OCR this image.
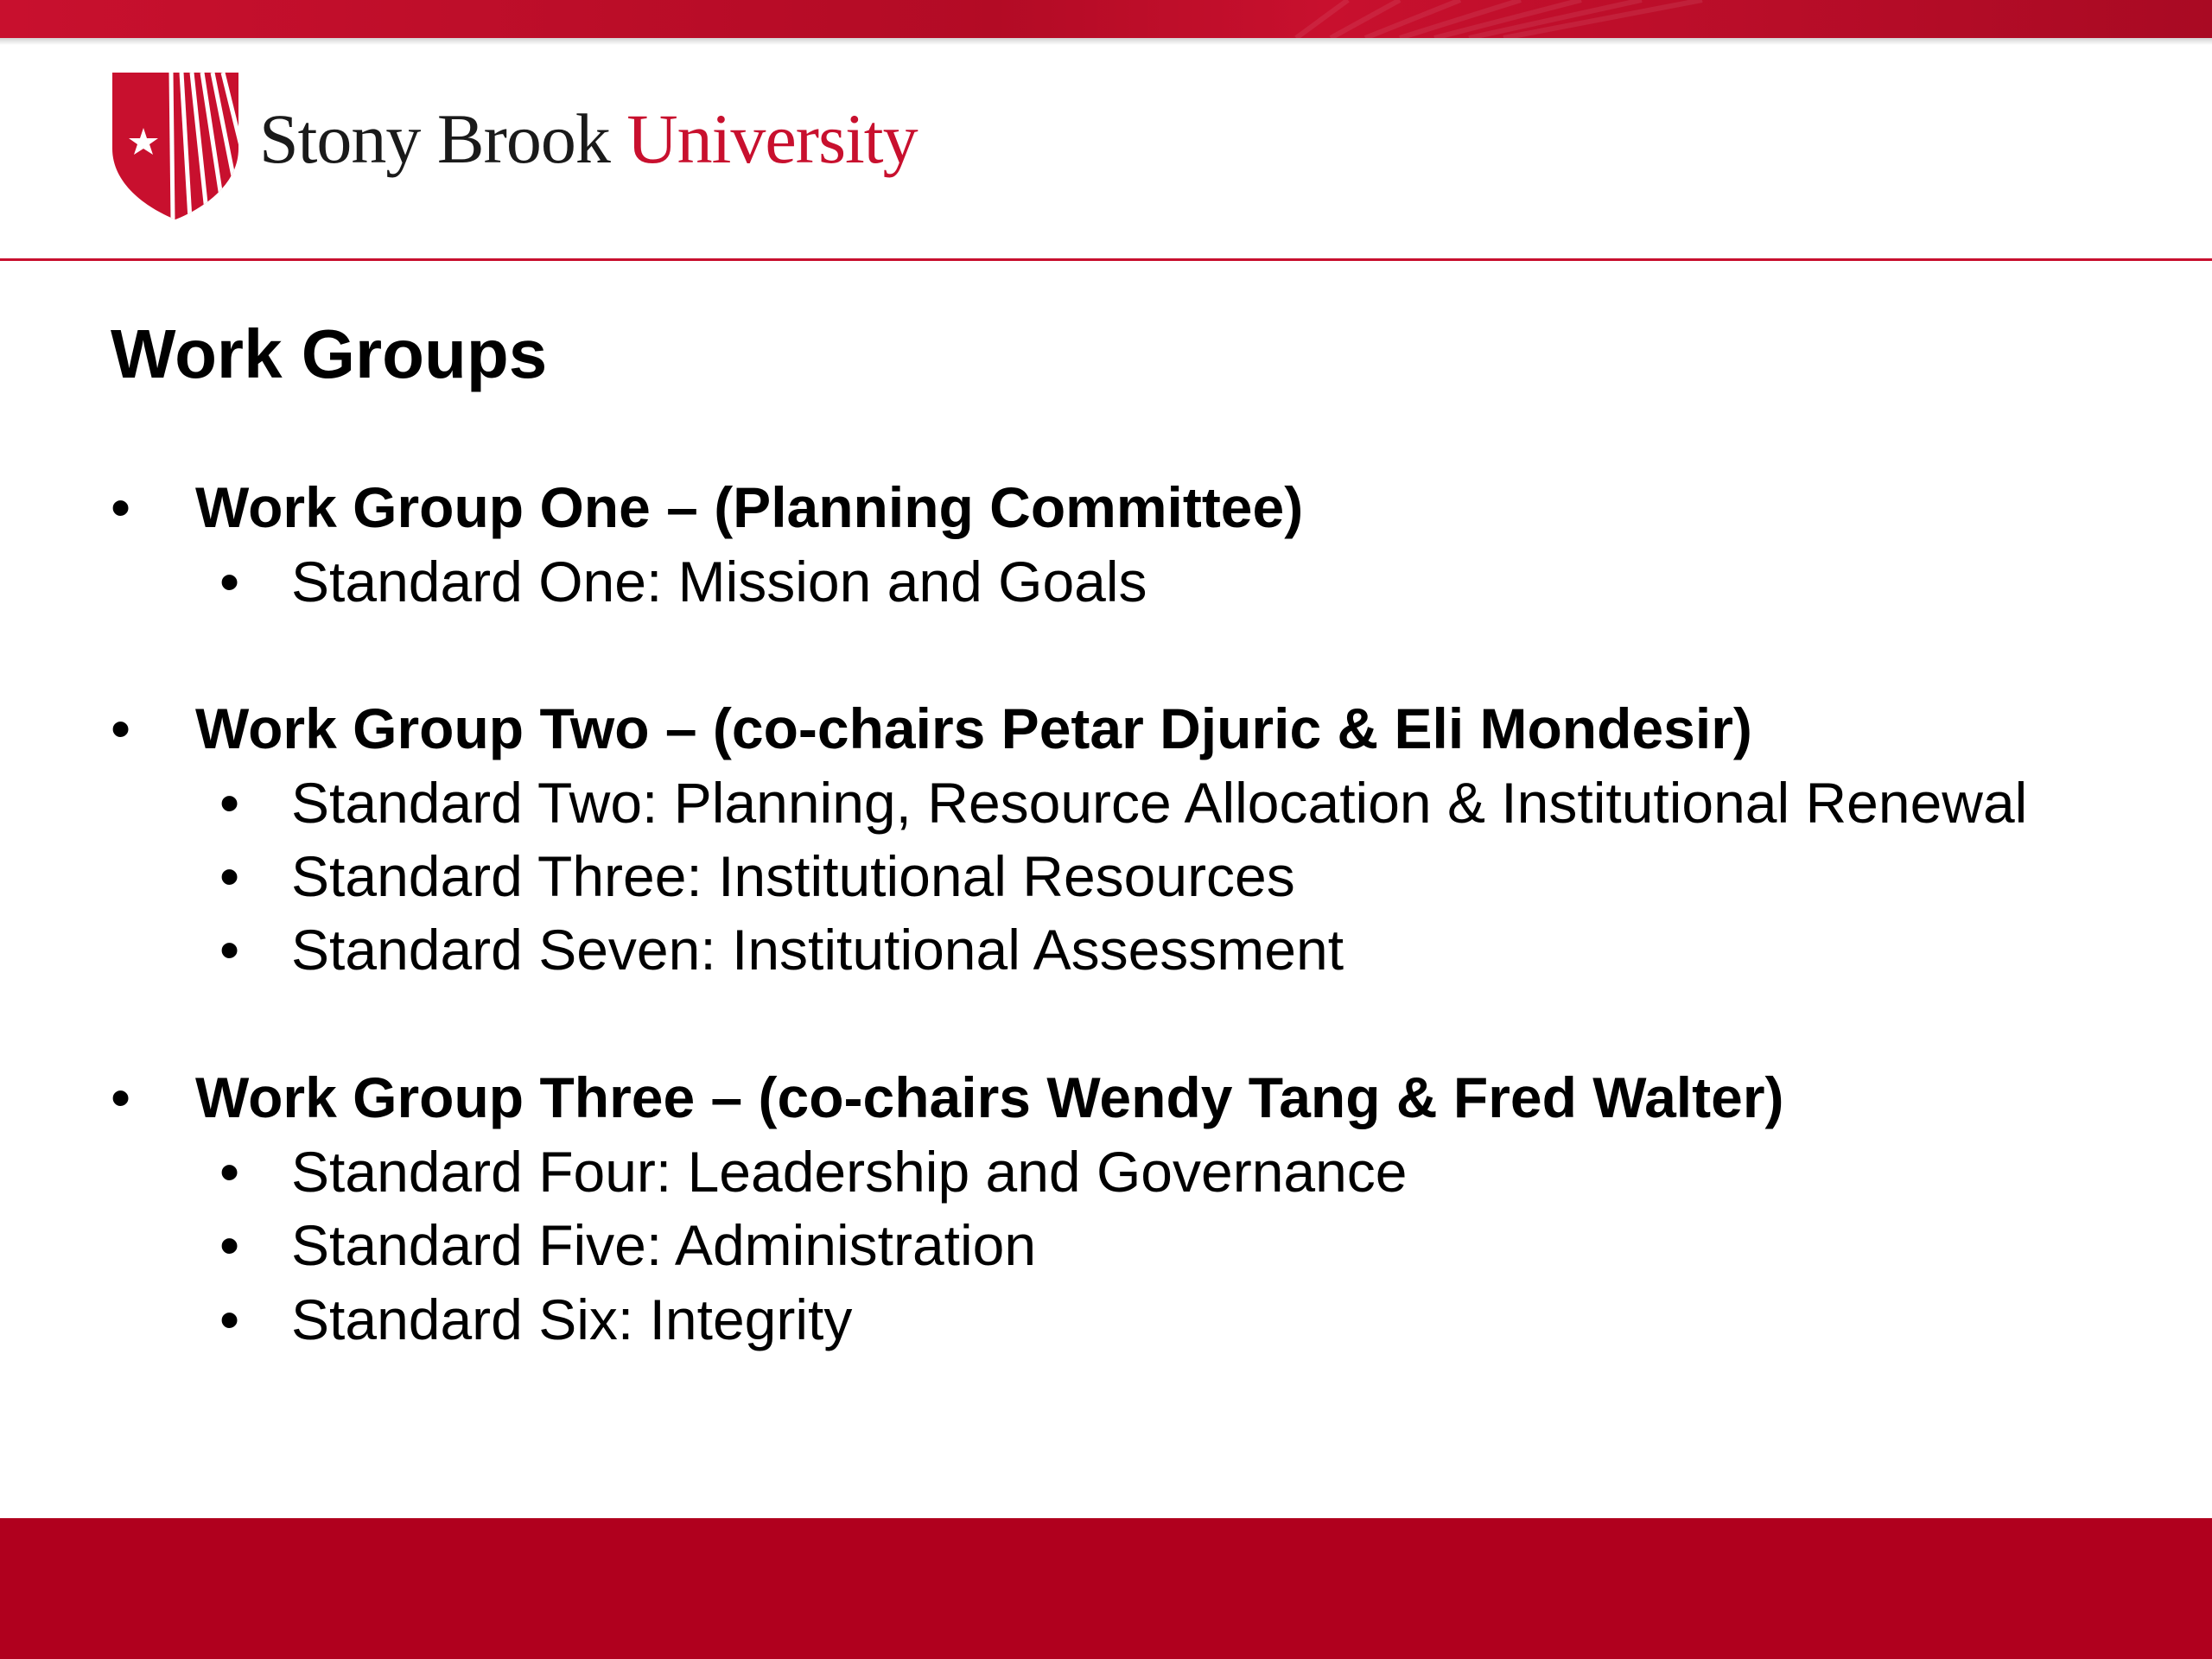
Stony Brook University
Work Groups
• Work Group One – (Planning Committee)
• Standard One: Mission and Goals
• Work Group Two – (co-chairs Petar Djuric & Eli Mondesir)
• Standard Two: Planning, Resource Allocation & Institutional Renewal
• Standard Three: Institutional Resources
• Standard Seven: Institutional Assessment
• Work Group Three – (co-chairs Wendy Tang & Fred Walter)
• Standard Four: Leadership and Governance
• Standard Five: Administration
• Standard Six: Integrity
